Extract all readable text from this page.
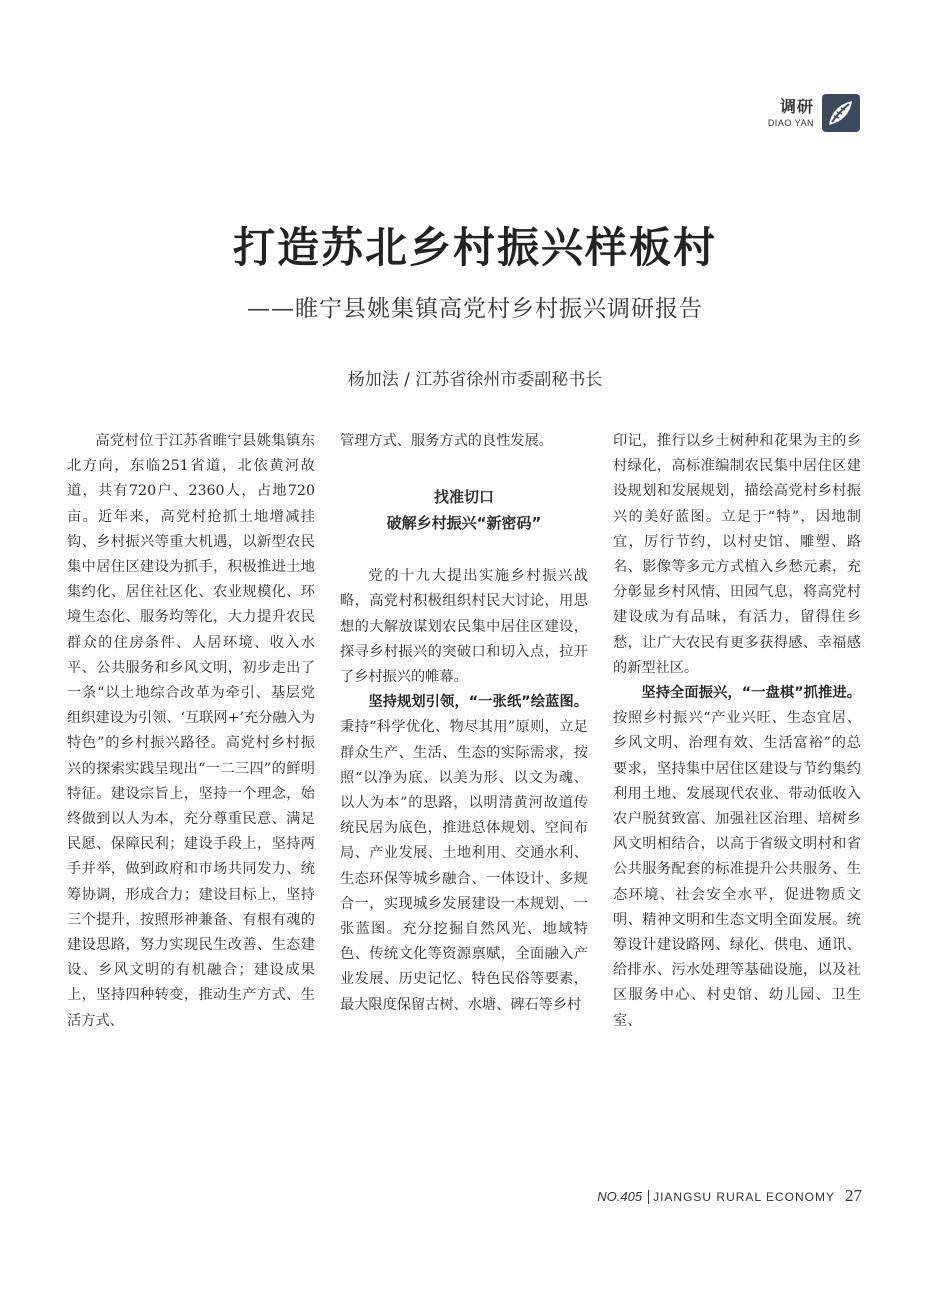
调研
DIAO YAN
打造苏北乡村振兴样板村
——睢宁县姚集镇高党村乡村振兴调研报告
杨加法 / 江苏省徐州市委副秘书长

高党村位于江苏省睢宁县姚集镇东北方向，东临251省道，北依黄河故道，共有720户、2360人，占地720亩。近年来，高党村抢抓土地增减挂钩、乡村振兴等重大机遇，以新型农民集中居住区建设为抓手，积极推进土地集约化、居住社区化、农业规模化、环境生态化、服务均等化，大力提升农民群众的住房条件、人居环境、收入水平、公共服务和乡风文明，初步走出了一条“以土地综合改革为牵引、基层党组织建设为引领、‘互联网+’充分融入为特色”的乡村振兴路径。高党村乡村振兴的探索实践呈现出“一二三四”的鲜明特征。建设宗旨上，坚持一个理念，始终做到以人为本，充分尊重民意、满足民愿、保障民利；建设手段上，坚持两手并举，做到政府和市场共同发力、统筹协调，形成合力；建设目标上，坚持三个提升，按照形神兼备、有根有魂的建设思路，努力实现民生改善、生态建设、乡风文明的有机融合；建设成果上，坚持四种转变，推动生产方式、生活方式、

管理方式、服务方式的良性发展。

找准切口
破解乡村振兴“新密码”

党的十九大提出实施乡村振兴战略，高党村积极组织村民大讨论，用思想的大解放谋划农民集中居住区建设，探寻乡村振兴的突破口和切入点，拉开了乡村振兴的帷幕。

坚持规划引领，“一张纸”绘蓝图。秉持“科学优化、物尽其用”原则，立足群众生产、生活、生态的实际需求，按照“以净为底、以美为形、以文为魂、以人为本”的思路，以明清黄河故道传统民居为底色，推进总体规划、空间布局、产业发展、土地利用、交通水利、生态环保等城乡融合、一体设计、多规合一，实现城乡发展建设一本规划、一张蓝图。充分挖掘自然风光、地域特色、传统文化等资源禀赋，全面融入产业发展、历史记忆、特色民俗等要素，最大限度保留古树、水塘、碑石等乡村

印记，推行以乡土树种和花果为主的乡村绿化，高标准编制农民集中居住区建设规划和发展规划，描绘高党村乡村振兴的美好蓝图。立足于“特”，因地制宜，厉行节约，以村史馆、雕塑、路名、影像等多元方式植入乡愁元素，充分彰显乡村风情、田园气息，将高党村建设成为有品味，有活力，留得住乡愁，让广大农民有更多获得感、幸福感的新型社区。

坚持全面振兴，“一盘棋”抓推进。按照乡村振兴“产业兴旺、生态宜居、乡风文明、治理有效、生活富裕”的总要求，坚持集中居住区建设与节约集约利用土地、发展现代农业、带动低收入农户脱贫致富、加强社区治理、培树乡风文明相结合，以高于省级文明村和省公共服务配套的标准提升公共服务、生态环境、社会安全水平，促进物质文明、精神文明和生态文明全面发展。统筹设计建设路网、绿化、供电、通讯、给排水、污水处理等基础设施，以及社区服务中心、村史馆、幼儿园、卫生室、

NO.405 JIANGSU RURAL ECONOMY 27
